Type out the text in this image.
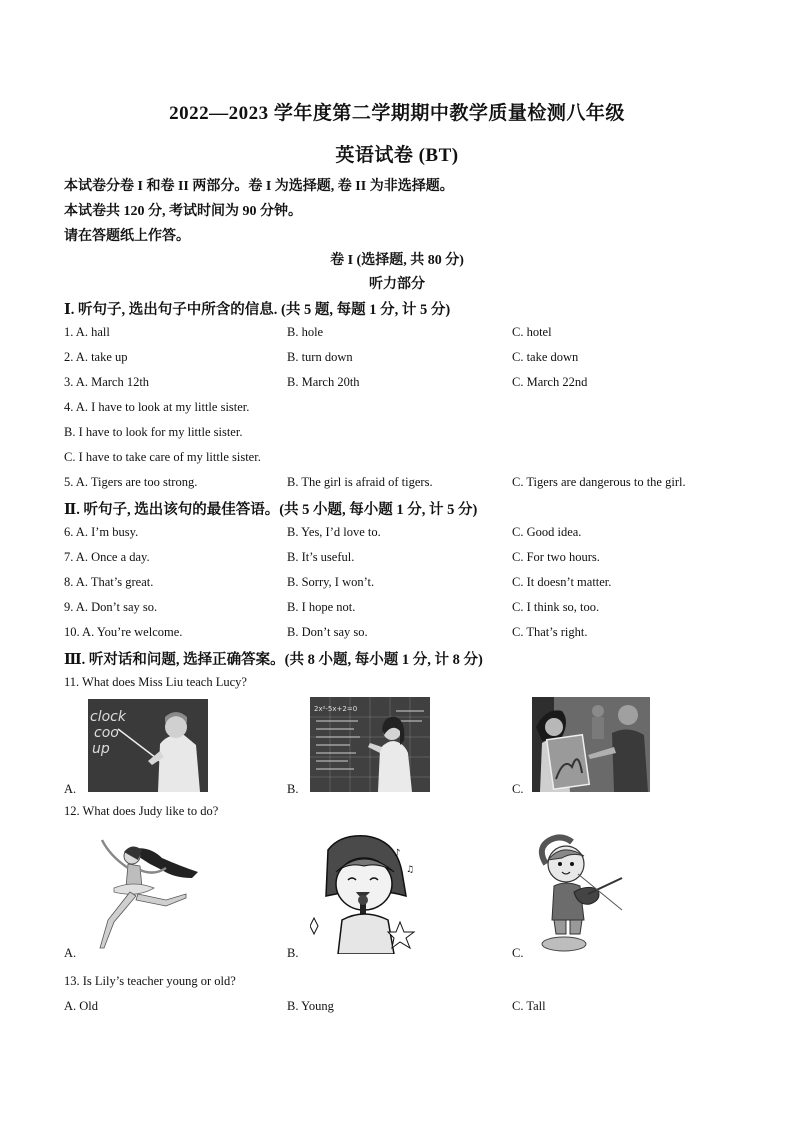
2022—2023 学年度第二学期期中教学质量检测八年级
英语试卷 (BT)
本试卷分卷 I 和卷 II 两部分。卷 I 为选择题, 卷 II 为非选择题。
本试卷共 120 分, 考试时间为 90 分钟。
请在答题纸上作答。
卷 I (选择题, 共 80 分)
听力部分
Ⅰ. 听句子, 选出句子中所含的信息. (共 5 题, 每题 1 分, 计 5 分)
1. A. hall	B. hole	C. hotel
2. A. take up	B. turn down	C. take down
3. A. March 12th	B. March 20th	C. March 22nd
4. A. I have to look at my little sister.
B. I have to look for my little sister.
C. I have to take care of my little sister.
5. A. Tigers are too strong.	B. The girl is afraid of tigers.	C. Tigers are dangerous to the girl.
Ⅱ. 听句子, 选出该句的最佳答语。(共 5 小题, 每小题 1 分, 计 5 分)
6. A. I’m busy.	B. Yes, I’d love to.	C. Good idea.
7. A. Once a day.	B. It’s useful.	C. For two hours.
8. A. That’s great.	B. Sorry, I won’t.	C. It doesn’t matter.
9. A. Don’t say so.	B. I hope not.	C. I think so, too.
10. A. You’re welcome.	B. Don’t say so.	C. That’s right.
Ⅲ. 听对话和问题, 选择正确答案。(共 8 小题, 每小题 1 分, 计 8 分)
11. What does Miss Liu teach Lucy?
clock
coo
up
2x²-5x+2=0
A.	B.	C.
12. What does Judy like to do?
♪
♫
A.	B.	C.
13. Is Lily’s teacher young or old?
A. Old	B. Young	C. Tall
